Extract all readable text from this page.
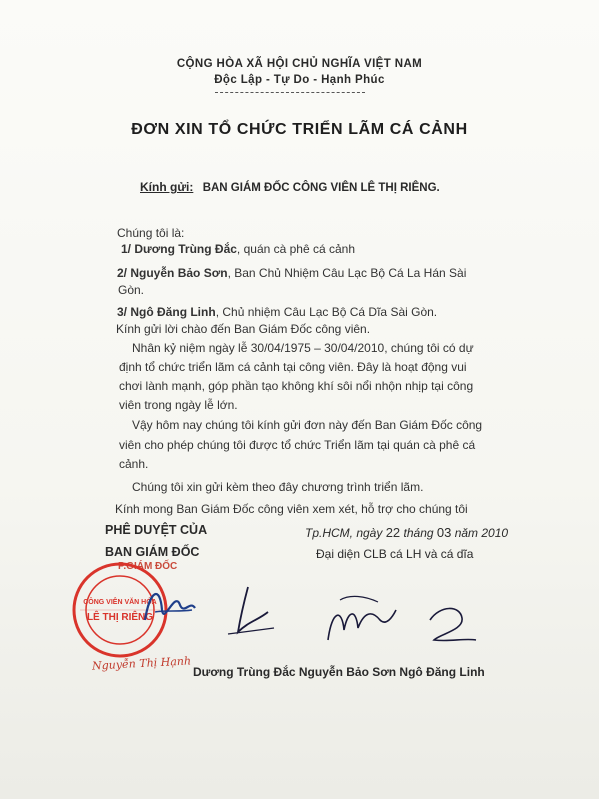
CỘNG HÒA XÃ HỘI CHỦ NGHĨA VIỆT NAM
Độc Lập - Tự Do - Hạnh Phúc
ĐƠN XIN TỔ CHỨC TRIỂN LÃM CÁ CẢNH
Kính gửi: BAN GIÁM ĐỐC CÔNG VIÊN LÊ THỊ RIÊNG.
Chúng tôi là:
1/ Dương Trùng Đắc, quán cà phê cá cảnh
2/ Nguyễn Bảo Sơn, Ban Chủ Nhiệm Câu Lạc Bộ Cá La Hán Sài
Gòn.
3/ Ngô Đăng Linh, Chủ nhiệm Câu Lạc Bộ Cá Dĩa Sài Gòn.
Kính gửi lời chào đến Ban Giám Đốc công viên.
Nhân kỷ niệm ngày lễ 30/04/1975 – 30/04/2010, chúng tôi có dự
định tổ chức triển lãm cá cảnh tại công viên. Đây là hoạt động vui
chơi lành mạnh, góp phần tạo không khí sôi nổi nhộn nhịp tại công
viên trong ngày lễ lớn.
Vậy hôm nay chúng tôi kính gửi đơn này đến Ban Giám Đốc công
viên cho phép chúng tôi được tổ chức Triển lãm tại quán cà phê cá
cảnh.
Chúng tôi xin gửi kèm theo đây chương trình triển lãm.
Kính mong Ban Giám Đốc công viên xem xét, hỗ trợ cho chúng tôi
PHÊ DUYỆT CỦA
BAN GIÁM ĐỐC
P.GIÁM ĐỐC
Tp.HCM, ngày 22 tháng 03 năm 2010
Đại diện CLB cá LH và cá dĩa
CÔNG VIÊN VĂN HÓA
LÊ THỊ RIÊNG
Nguyễn Thị Hạnh Dương Trùng Đắc Nguyễn Bảo Sơn Ngô Đăng Linh
